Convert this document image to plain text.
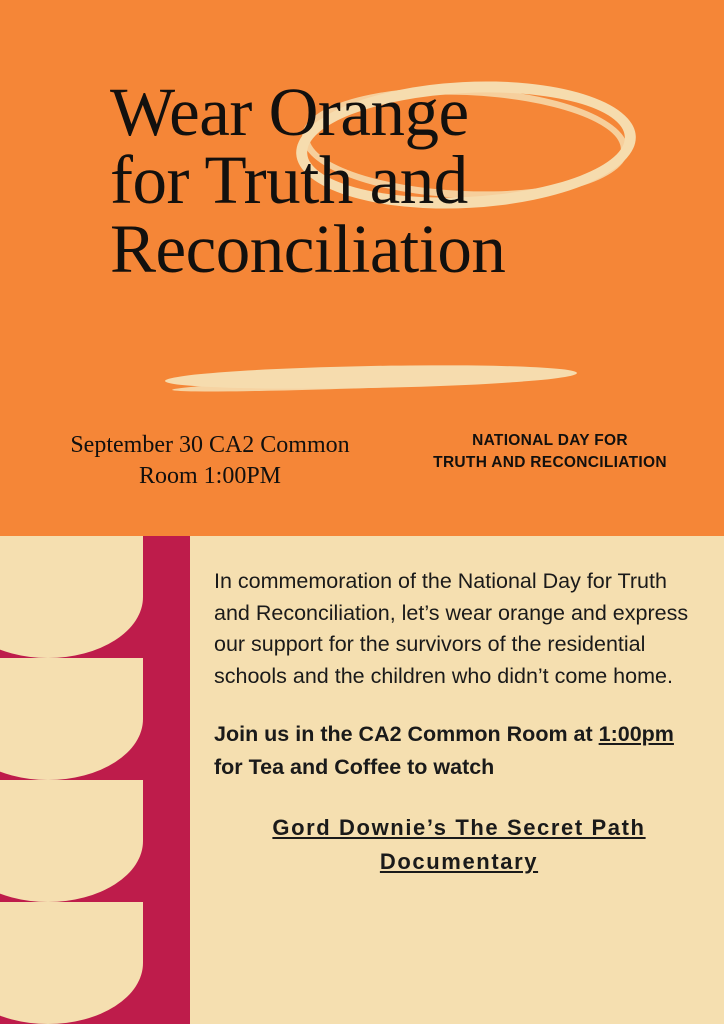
Wear Orange
for Truth and
Reconciliation
September 30 CA2 Common Room 1:00PM
NATIONAL DAY FOR
TRUTH AND RECONCILIATION

In commemoration of the National Day for Truth and Reconciliation, let’s wear orange and express our support for the survivors of the residential schools and the children who didn’t come home.

Join us in the CA2 Common Room at 1:00pm for Tea and Coffee to watch

Gord Downie’s The Secret Path

Documentary
